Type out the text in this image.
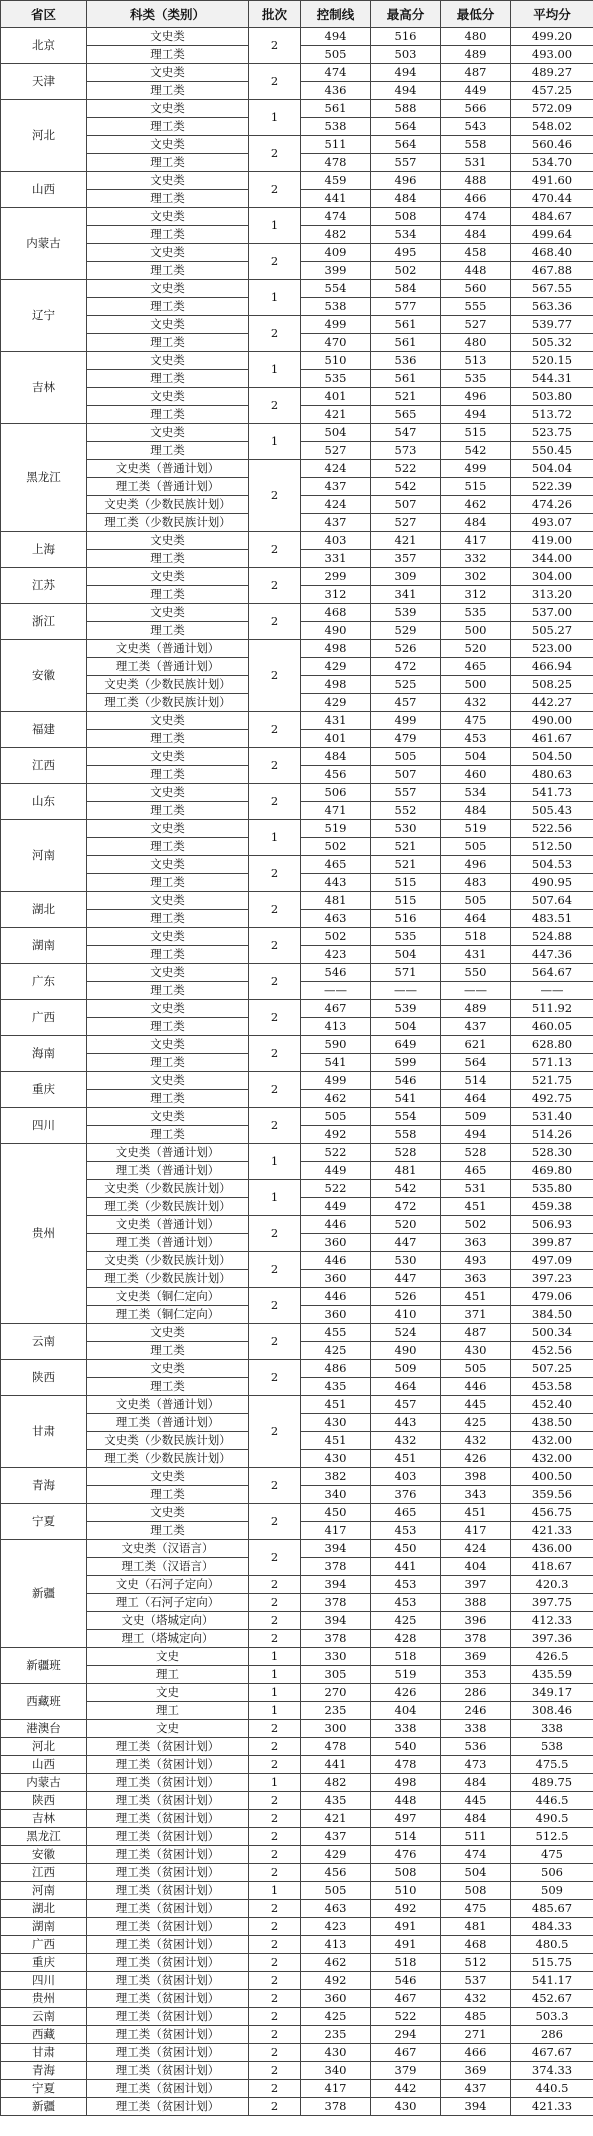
省区	科类（类别）	批次	控制线	最高分	最低分	平均分
北京	文史类	2	494	516	480	499.20
	理工类		505	503	489	493.00
天津	文史类	2	474	494	487	489.27
	理工类		436	494	449	457.25
河北	文史类	1	561	588	566	572.09
	理工类		538	564	543	548.02
	文史类	2	511	564	558	560.46
	理工类		478	557	531	534.70
山西	文史类	2	459	496	488	491.60
	理工类		441	484	466	470.44
内蒙古	文史类	1	474	508	474	484.67
	理工类		482	534	484	499.64
	文史类	2	409	495	458	468.40
	理工类		399	502	448	467.88
辽宁	文史类	1	554	584	560	567.55
	理工类		538	577	555	563.36
	文史类	2	499	561	527	539.77
	理工类		470	561	480	505.32
吉林	文史类	1	510	536	513	520.15
	理工类		535	561	535	544.31
	文史类	2	401	521	496	503.80
	理工类		421	565	494	513.72
黑龙江	文史类	1	504	547	515	523.75
	理工类		527	573	542	550.45
	文史类（普通计划）	2	424	522	499	504.04
	理工类（普通计划）		437	542	515	522.39
	文史类（少数民族计划）		424	507	462	474.26
	理工类（少数民族计划）		437	527	484	493.07
上海	文史类	2	403	421	417	419.00
	理工类		331	357	332	344.00
江苏	文史类	2	299	309	302	304.00
	理工类		312	341	312	313.20
浙江	文史类	2	468	539	535	537.00
	理工类		490	529	500	505.27
安徽	文史类（普通计划）	2	498	526	520	523.00
	理工类（普通计划）		429	472	465	466.94
	文史类（少数民族计划）		498	525	500	508.25
	理工类（少数民族计划）		429	457	432	442.27
福建	文史类	2	431	499	475	490.00
	理工类		401	479	453	461.67
江西	文史类	2	484	505	504	504.50
	理工类		456	507	460	480.63
山东	文史类	2	506	557	534	541.73
	理工类		471	552	484	505.43
河南	文史类	1	519	530	519	522.56
	理工类		502	521	505	512.50
	文史类	2	465	521	496	504.53
	理工类		443	515	483	490.95
湖北	文史类	2	481	515	505	507.64
	理工类		463	516	464	483.51
湖南	文史类	2	502	535	518	524.88
	理工类		423	504	431	447.36
广东	文史类	2	546	571	550	564.67
	理工类		——	——	——	——
广西	文史类	2	467	539	489	511.92
	理工类		413	504	437	460.05
海南	文史类	2	590	649	621	628.80
	理工类		541	599	564	571.13
重庆	文史类	2	499	546	514	521.75
	理工类		462	541	464	492.75
四川	文史类	2	505	554	509	531.40
	理工类		492	558	494	514.26
贵州	文史类（普通计划）	1	522	528	528	528.30
	理工类（普通计划）		449	481	465	469.80
	文史类（少数民族计划）	1	522	542	531	535.80
	理工类（少数民族计划）		449	472	451	459.38
	文史类（普通计划）	2	446	520	502	506.93
	理工类（普通计划）		360	447	363	399.87
	文史类（少数民族计划）	2	446	530	493	497.09
	理工类（少数民族计划）		360	447	363	397.23
	文史类（铜仁定向）	2	446	526	451	479.06
	理工类（铜仁定向）		360	410	371	384.50
云南	文史类	2	455	524	487	500.34
	理工类		425	490	430	452.56
陕西	文史类	2	486	509	505	507.25
	理工类		435	464	446	453.58
甘肃	文史类（普通计划）	2	451	457	445	452.40
	理工类（普通计划）		430	443	425	438.50
	文史类（少数民族计划）		451	432	432	432.00
	理工类（少数民族计划）		430	451	426	432.00
青海	文史类	2	382	403	398	400.50
	理工类		340	376	343	359.56
宁夏	文史类	2	450	465	451	456.75
	理工类		417	453	417	421.33
新疆	文史类（汉语言）	2	394	450	424	436.00
	理工类（汉语言）		378	441	404	418.67
	文史（石河子定向）	2	394	453	397	420.3
	理工（石河子定向）	2	378	453	388	397.75
	文史（塔城定向）	2	394	425	396	412.33
	理工（塔城定向）	2	378	428	378	397.36
新疆班	文史	1	330	518	369	426.5
	理工	1	305	519	353	435.59
西藏班	文史	1	270	426	286	349.17
	理工	1	235	404	246	308.46
港澳台	文史	2	300	338	338	338
河北	理工类（贫困计划）	2	478	540	536	538
山西	理工类（贫困计划）	2	441	478	473	475.5
内蒙古	理工类（贫困计划）	1	482	498	484	489.75
陕西	理工类（贫困计划）	2	435	448	445	446.5
吉林	理工类（贫困计划）	2	421	497	484	490.5
黑龙江	理工类（贫困计划）	2	437	514	511	512.5
安徽	理工类（贫困计划）	2	429	476	474	475
江西	理工类（贫困计划）	2	456	508	504	506
河南	理工类（贫困计划）	1	505	510	508	509
湖北	理工类（贫困计划）	2	463	492	475	485.67
湖南	理工类（贫困计划）	2	423	491	481	484.33
广西	理工类（贫困计划）	2	413	491	468	480.5
重庆	理工类（贫困计划）	2	462	518	512	515.75
四川	理工类（贫困计划）	2	492	546	537	541.17
贵州	理工类（贫困计划）	2	360	467	432	452.67
云南	理工类（贫困计划）	2	425	522	485	503.3
西藏	理工类（贫困计划）	2	235	294	271	286
甘肃	理工类（贫困计划）	2	430	467	466	467.67
青海	理工类（贫困计划）	2	340	379	369	374.33
宁夏	理工类（贫困计划）	2	417	442	437	440.5
新疆	理工类（贫困计划）	2	378	430	394	421.33
